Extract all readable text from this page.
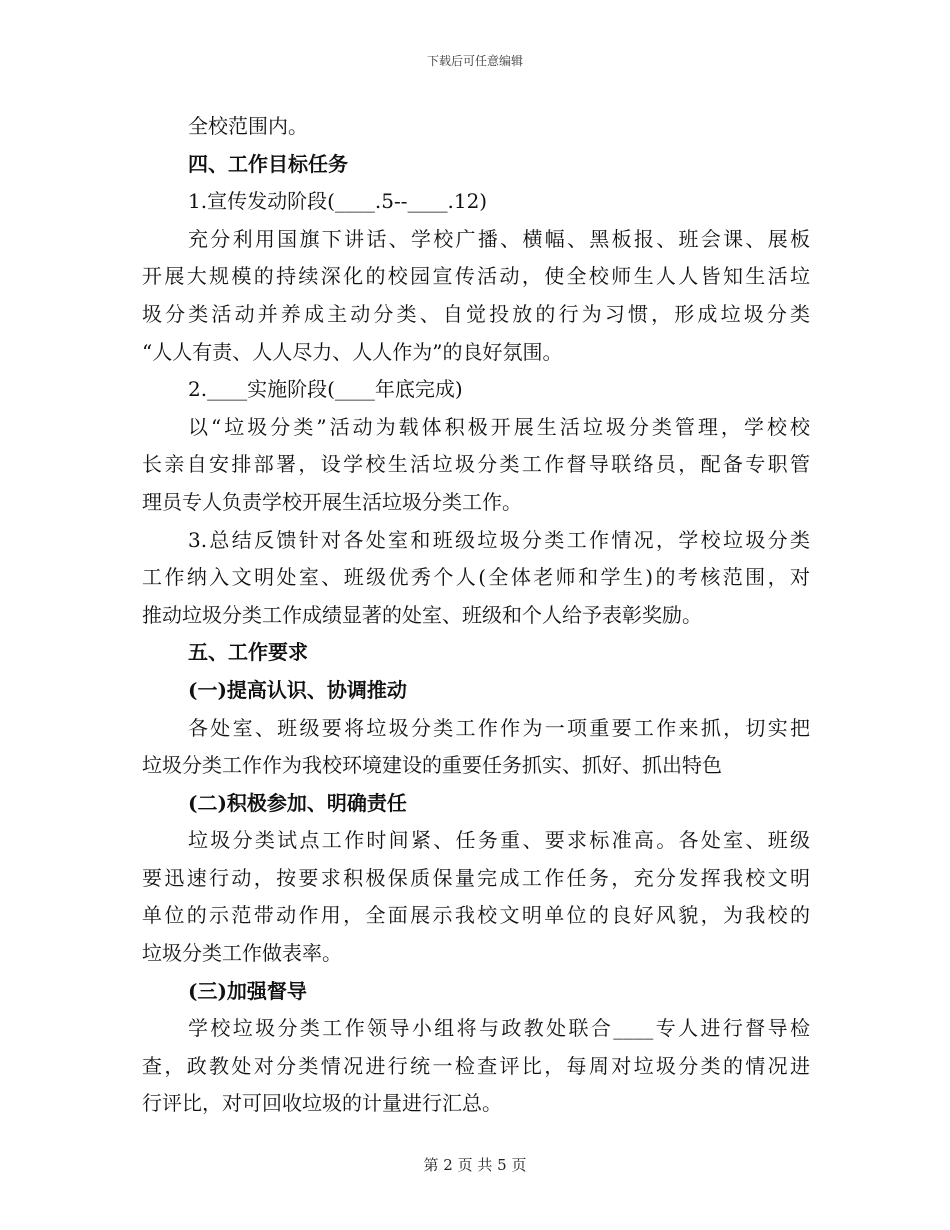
下载后可任意编辑
全校范围内。
四、工作目标任务
1.宣传发动阶段(____.5--____.12)
充分利用国旗下讲话、学校广播、横幅、黑板报、班会课、展板
开展大规模的持续深化的校园宣传活动，使全校师生人人皆知生活垃
圾分类活动并养成主动分类、自觉投放的行为习惯，形成垃圾分类
“人人有责、人人尽力、人人作为”的良好氛围。
2.____实施阶段(____年底完成)
以“垃圾分类”活动为载体积极开展生活垃圾分类管理，学校校
长亲自安排部署，设学校生活垃圾分类工作督导联络员，配备专职管
理员专人负责学校开展生活垃圾分类工作。
3.总结反馈针对各处室和班级垃圾分类工作情况，学校垃圾分类
工作纳入文明处室、班级优秀个人(全体老师和学生)的考核范围，对
推动垃圾分类工作成绩显著的处室、班级和个人给予表彰奖励。
五、工作要求
(一)提高认识、协调推动
各处室、班级要将垃圾分类工作作为一项重要工作来抓，切实把
垃圾分类工作作为我校环境建设的重要任务抓实、抓好、抓出特色
(二)积极参加、明确责任
垃圾分类试点工作时间紧、任务重、要求标准高。各处室、班级
要迅速行动，按要求积极保质保量完成工作任务，充分发挥我校文明
单位的示范带动作用，全面展示我校文明单位的良好风貌，为我校的
垃圾分类工作做表率。
(三)加强督导
学校垃圾分类工作领导小组将与政教处联合____专人进行督导检
查，政教处对分类情况进行统一检查评比，每周对垃圾分类的情况进
行评比，对可回收垃圾的计量进行汇总。
第 2 页 共 5 页
